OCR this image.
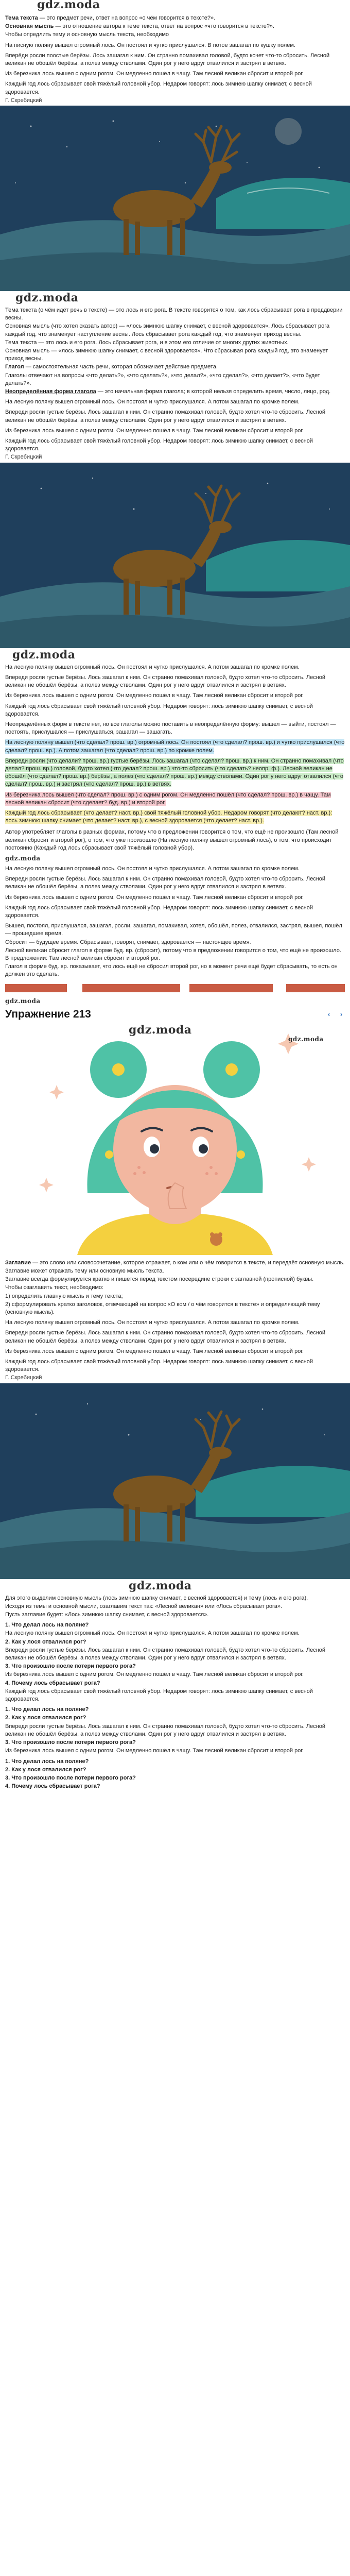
gdz.moda

Тема текста — это предмет речи, ответ на вопрос «о чём говорится в тексте?».

Основная мысль — это отношение автора к теме текста, ответ на вопрос «что говорится в тексте?».

Чтобы опредлить тему и основную мысль текста, необходимо

На писную поляну вышел огромный лось. Он постоял и чутко прислушался. В потое зашагал по кушку полем.

Вперёди росли поостые берёзы. Лось зашагал к ним. Он странно помахивал головой, будто кочет что-то сбросить. Лесной великан не обошёл берёзы, а полез между стволами. Один рог у него вдруг отвалился и застрял в ветвях.

Из березника лось вышел с одним рогом. Он медленно пошёл в чащу. Там лесной великан сбросит и второй рог.

Каждый год лось сбрасывает свой тяжёлый головной убор. Недаром говорят: лось зимнею шапку снимает, с весной здоровается.

Г. Скребицкий

gdz.moda

Тема текста (о чём идёт речь в тексте) — это лось и его рога. В тексте говорится о том, как лось сбрасывает рога в преддверии весны.

Основная мысль (что хотел сказать автор) — «лось зимнюю шапку снимает, с весной здоровается». Лось сбрасывает рога каждый год, что знаменует наступление весны. Лось сбрасывает рога каждый год, что знаменует приход весны.

Тема текста — это лось и его рога. Лось сбрасывает рога, и в этом его отличие от многих других животных.

Основная мысль — «лось зимнюю шапку снимает, с весной здоровается». Что сбрасывая рога каждый год, это знаменует приход весны.

Глагол — самостоятельная часть речи, которая обозначает действие предмета.

Глаголы отвечают на вопросы «что делать?», «что сделать?», «что делал?», «что сделал?», «что делает?», «что будет делать?».

Неопределённая форма глагола — это начальная форма глагола; в которой нельзя определить время, число, лицо, род.

На лесную поляну вышел огромный лось. Он постоял и чутко прислушался. А потом зашагал по кромке полем.

Впереди росли густые берёзы. Лось зашагал к ним. Он странно помахивал головой, будто хотел что-то сбросить. Лесной великан не обошёл берёзы, а полез между стволами. Один рог у него вдруг отвалился и застрял в ветвях.

Из березника лось вышел с одним рогом. Он медленно пошёл в чащу. Там лесной великан сбросит и второй рог.

Каждый год лось сбрасывает свой тяжёлый головной убор. Недаром говорят: лось зимнюю шапку снимает, с весной здоровается.

Г. Скребицкий

gdz.moda

На лесную поляну вышел огромный лось. Он постоял и чутко прислушался. А потом зашагал по кромке полем.

Впереди росли густые берёзы. Лось зашагал к ним. Он странно помахивал головой, будто хотел что-то сбросить. Лесной великан не обошёл берёзы, а полез между стволами. Один рог у него вдруг отвалился и застрял в ветвях.

Из березника лось вышел с одним рогом. Он медленно пошёл в чащу. Там лесной великан сбросит и второй рог.

Каждый год лось сбрасывает свой тяжёлый головной убор. Недаром говорят: лось зимнюю шапку снимает, с весной здоровается.

Неопределённых форм в тексте нет, но все глаголы можно поставить в неопределённую форму: вышел — выйти, постоял — постоять, прислушался — прислушаться, зашагал — зашагать.

На лесную поляну вышел (что сделал? прош. вр.) огромный лось. Он постоял (что сделал? прош. вр.) и чутко прислушался (что сделал? прош. вр.). А потом зашагал (что сделал? прош. вр.) по кромке полем.

Впереди росли (что делали? прош. вр.) густые берёзы. Лось зашагал (что сделал? прош. вр.) к ним. Он странно помахивал (что делал? прош. вр.) головой, будто хотел (что делал? прош. вр.) что-то сбросить (что сделать? неопр. ф.). Лесной великан не обошёл (что сделал? прош. вр.) берёзы, а полез (что сделал? прош. вр.) между стволами. Один рог у него вдруг отвалился (что сделал? прош. вр.) и застрял (что сделал? прош. вр.) в ветвях.

Из березника лось вышел (что сделал? прош. вр.) с одним рогом. Он медленно пошёл (что сделал? прош. вр.) в чащу. Там лесной великан сбросит (что сделает? буд. вр.) и второй рог.

Каждый год лось сбрасывает (что делает? наст. вр.) свой тяжёлый головной убор. Недаром говорят (что делают? наст. вр.): лось зимнюю шапку снимает (что делает? наст. вр.), с весной здоровается (что делает? наст. вр.).

Автор употребляет глаголы в разных формах, потому что в предложении говорится о том, что ещё не произошло (Там лесной великан сбросит и второй рог), о том, что уже произошло (На лесную поляну вышел огромный лось), о том, что происходит постоянно (Каждый год лось сбрасывает свой тяжёлый головной убор).

gdz.moda

На лесную поляну вышел огромный лось. Он постоял и чутко прислушался. А потом зашагал по кромке полем.

Впереди росли густые берёзы. Лось зашагал к ним. Он странно помахивал головой, будто хотел что-то сбросить. Лесной великан не обошёл берёзы, а полез между стволами. Один рог у него вдруг отвалился и застрял в ветвях.

Из березника лось вышел с одним рогом. Он медленно пошёл в чащу. Там лесной великан сбросит и второй рог.

Каждый год лось сбрасывает свой тяжёлый головной убор. Недаром говорят: лось зимнюю шапку снимает, с весной здоровается.

Вышел, постоял, прислушался, зашагал, росли, зашагал, помахивал, хотел, обошёл, полез, отвалился, застрял, вышел, пошёл — прошедшее время.

Сбросит — будущее время. Сбрасывает, говорят, снимает, здоровается — настоящее время.

Лесной великан сбросит глагол в форме буд. вр. (сбросит), потому что в предложении говорится о том, что ещё не произошло. В предложении: Там лесной великан сбросит и второй рог.

Глагол в форме буд. вр. показывает, что лось ещё не сбросил второй рог, но в момент речи ещё будет сбрасывать, то есть он должен это сделать.

gdz.moda
Упражнение 213	‹	›
gdz.moda
gdz.moda

Заглавие — это слово или словосочетание, которое отражает, о ком или о чём говорится в тексте, и передаёт основную мысль.

Заглавие может отражать тему или основную мысль текста.

Заглавие всегда формулируется кратко и пишется перед текстом посередине строки с заглавной (прописной) буквы.

Чтобы озаглавить текст, необходимо:

1) определить главную мысль и тему текста;

2) сформулировать кратко заголовок, отвечающий на вопрос «О ком / о чём говорится в тексте» и определяющий тему (основную мысль).

На лесную поляну вышел огромный лось. Он постоял и чутко прислушался. А потом зашагал по кромке полем.

Впереди росли густые берёзы. Лось зашагал к ним. Он странно помахивал головой, будто хотел что-то сбросить. Лесной великан не обошёл берёзы, а полез между стволами. Один рог у него вдруг отвалился и застрял в ветвях.

Из березника лось вышел с одним рогом. Он медленно пошёл в чащу. Там лесной великан сбросит и второй рог.

Каждый год лось сбрасывает свой тяжёлый головной убор. Недаром говорят: лось зимнюю шапку снимает, с весной здоровается.

Г. Скребицкий

gdz.moda

Для этого выделим основную мысль (лось зимнюю шапку снимает, с весной здоровается) и тему (лось и его рога).

Исходя из темы и основной мысли, озаглавим текст так: «Лесной великан» или «Лось сбрасывает рога».

Пусть заглавие будет: «Лось зимнюю шапку снимает, с весной здоровается».

1. Что делал лось на поляне?

На лесную поляну вышел огромный лось. Он постоял и чутко прислушался. А потом зашагал по кромке полем.

2. Как у лося отвалился рог?

Впереди росли густые берёзы. Лось зашагал к ним. Он странно помахивал головой, будто хотел что-то сбросить. Лесной великан не обошёл берёзы, а полез между стволами. Один рог у него вдруг отвалился и застрял в ветвях.

3. Что произошло после потери первого рога?

Из березника лось вышел с одним рогом. Он медленно пошёл в чащу. Там лесной великан сбросит и второй рог.

4. Почему лось сбрасывает рога?

Каждый год лось сбрасывает свой тяжёлый головной убор. Недаром говорят: лось зимнюю шапку снимает, с весной здоровается.

1. Что делал лось на поляне?

2. Как у лося отвалился рог?

Впереди росли густые берёзы. Лось зашагал к ним. Он странно помахивал головой, будто хотел что-то сбросить. Лесной великан не обошёл берёзы, а полез между стволами. Один рог у него вдруг отвалился и застрял в ветвях.

3. Что произошло после потери первого рога?

Из березника лось вышел с одним рогом. Он медленно пошёл в чащу. Там лесной великан сбросит и второй рог.

1. Что делал лось на поляне?

2. Как у лося отвалился рог?

3. Что произошло после потери первого рога?

4. Почему лось сбрасывает рога?
